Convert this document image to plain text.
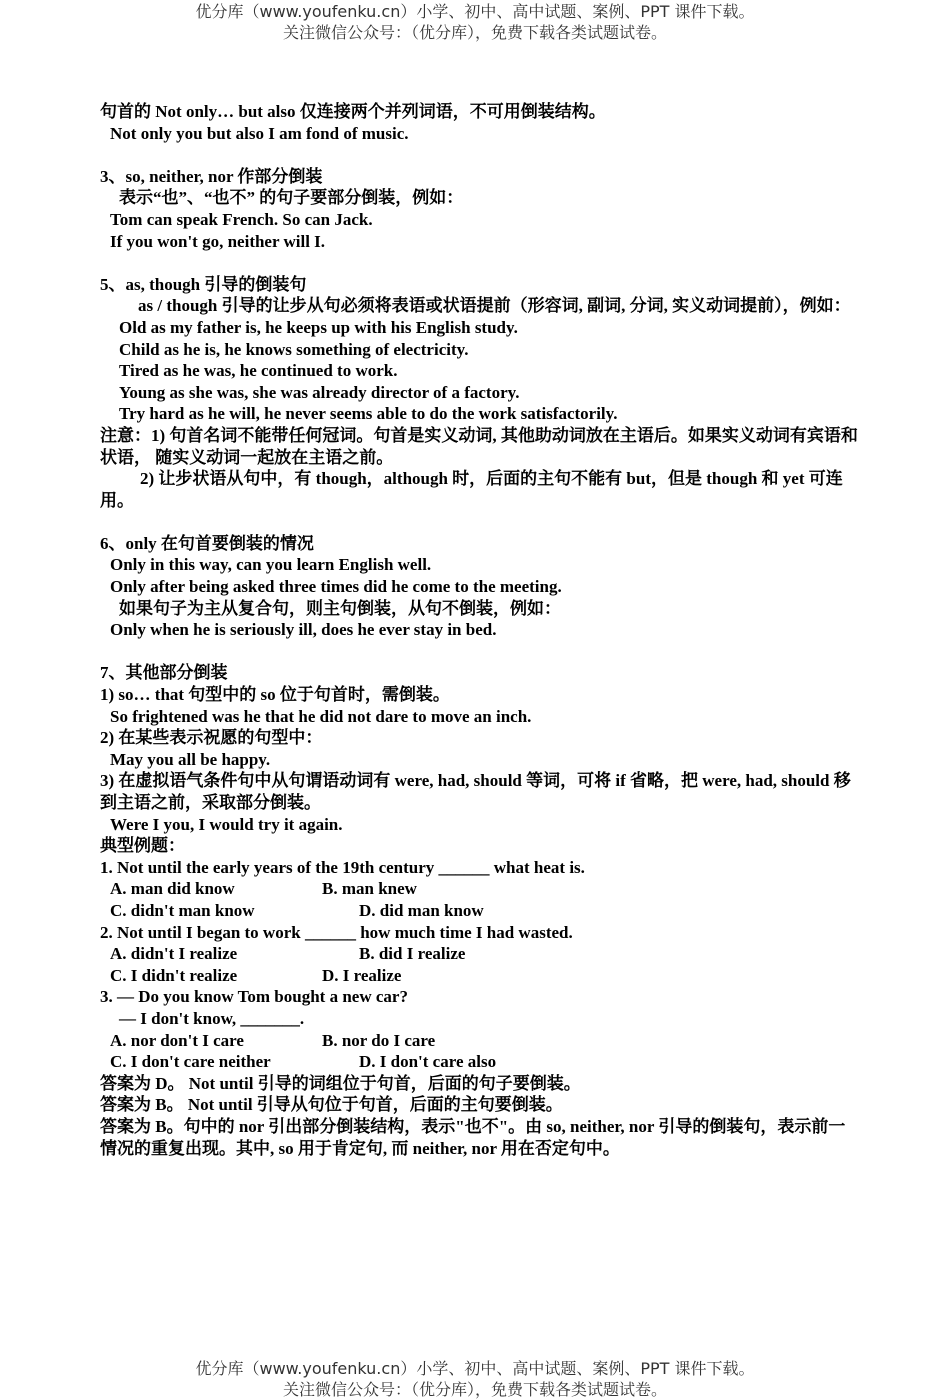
优分库（www.youfenku.cn）小学、初中、高中试题、案例、PPT 课件下载。
关注微信公众号：（优分库），免费下载各类试题试卷。
句首的 Not only… but also 仅连接两个并列词语，不可用倒装结构。
Not only you but also I am fond of music.
3、so, neither, nor 作部分倒装
表示“也”、“也不” 的句子要部分倒装，例如：
Tom can speak French. So can Jack.
If you won't go, neither will I.
5、as, though 引导的倒装句
as / though 引导的让步从句必须将表语或状语提前（形容词, 副词, 分词, 实义动词提前），例如：
Old as my father is, he keeps up with his English study.
Child as he is, he knows something of electricity.
Tired as he was, he continued to work.
Young as she was, she was already director of a factory.
Try hard as he will, he never seems able to do the work satisfactorily.
注意：1) 句首名词不能带任何冠词。句首是实义动词, 其他助动词放在主语后。如果实义动词有宾语和状语， 随实义动词一起放在主语之前。
2) 让步状语从句中，有 though，although 时，后面的主句不能有 but，但是 though 和 yet 可连用。
6、only 在句首要倒装的情况
Only in this way, can you learn English well.
Only after being asked three times did he come to the meeting.
如果句子为主从复合句，则主句倒装，从句不倒装，例如：
Only when he is seriously ill, does he ever stay in bed.
7、其他部分倒装
1) so… that 句型中的 so 位于句首时，需倒装。
So frightened was he that he did not dare to move an inch.
2) 在某些表示祝愿的句型中：
May you all be happy.
3) 在虚拟语气条件句中从句谓语动词有 were, had, should 等词，可将 if 省略，把 were, had, should 移到主语之前，采取部分倒装。
Were I you, I would try it again.
典型例题：
1. Not until the early years of the 19th century ______ what heat is.
A. man did know	B. man knew
C. didn't man know	D. did man know
2. Not until I began to work ______ how much time I had wasted.
A. didn't I realize	B. did I realize
C. I didn't realize	D. I realize
3. — Do you know Tom bought a new car?
— I don't know, _______.
A. nor don't I care	B. nor do I care
C. I don't care neither	D. I don't care also
答案为 D。 Not until 引导的词组位于句首，后面的句子要倒装。
答案为 B。 Not until 引导从句位于句首，后面的主句要倒装。
答案为 B。句中的 nor 引出部分倒装结构，表示"也不"。由 so, neither, nor 引导的倒装句，表示前一情况的重复出现。其中, so 用于肯定句, 而 neither, nor 用在否定句中。
优分库（www.youfenku.cn）小学、初中、高中试题、案例、PPT 课件下载。
关注微信公众号：（优分库），免费下载各类试题试卷。
